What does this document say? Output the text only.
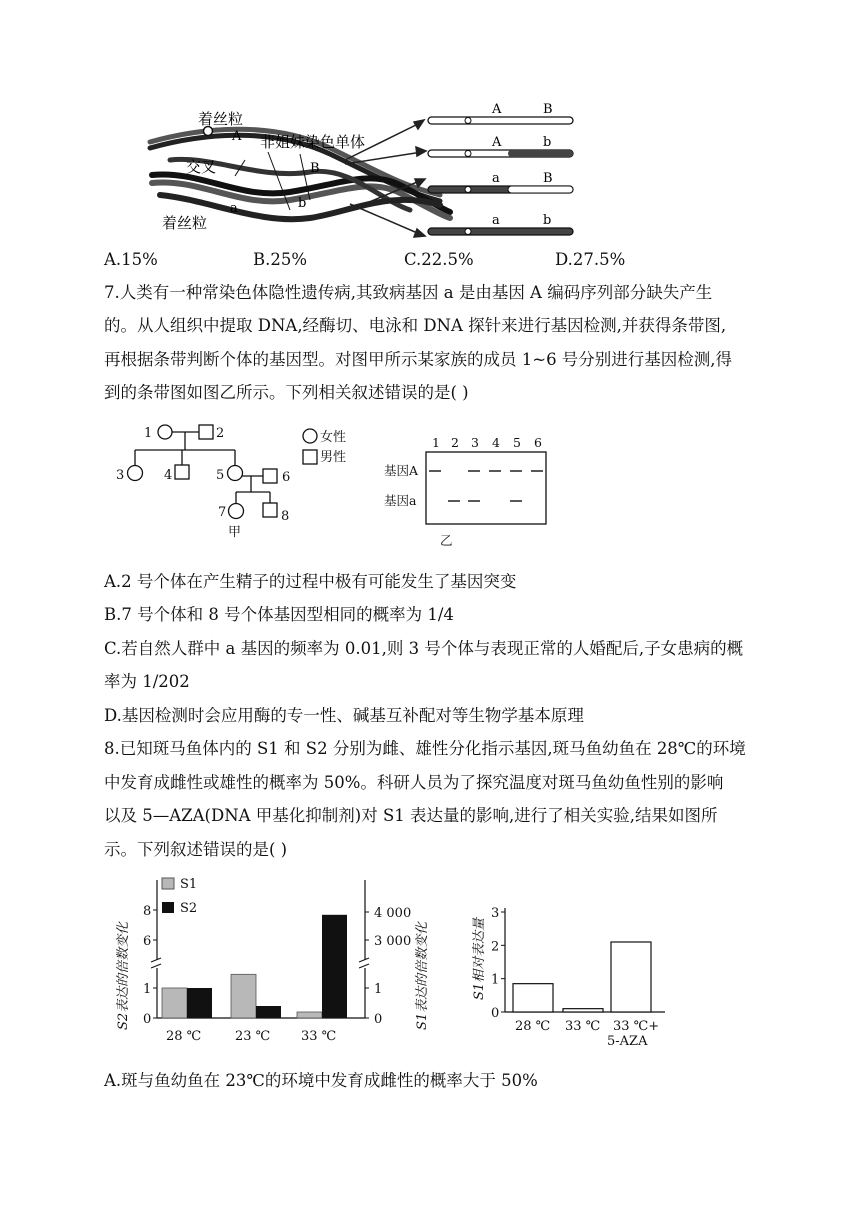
着丝粒
交叉
着丝粒
非姐妹染色单体
A
B
a	b
A	B
A	b
a	B
a	b
A.15%	B.25%	C.22.5%	D.27.5%
7.人类有一种常染色体隐性遗传病,其致病基因 a 是由基因 A 编码序列部分缺失产生
的。从人组织中提取 DNA,经酶切、电泳和 DNA 探针来进行基因检测,并获得条带图,
再根据条带判断个体的基因型。对图甲所示某家族的成员 1~6 号分别进行基因检测,得
到的条带图如图乙所示。下列相关叙述错误的是( )
1	2
3	4	5	6
7	8
女性
男性
甲
1 2 3 4 5 6
基因A
基因a
乙
A.2 号个体在产生精子的过程中极有可能发生了基因突变
B.7 号个体和 8 号个体基因型相同的概率为 1/4
C.若自然人群中 a 基因的频率为 0.01,则 3 号个体与表现正常的人婚配后,子女患病的概
率为 1/202
D.基因检测时会应用酶的专一性、碱基互补配对等生物学基本原理
8.已知斑马鱼体内的 S1 和 S2 分别为雌、雄性分化指示基因,斑马鱼幼鱼在 28℃的环境
中发育成雌性或雄性的概率为 50%。科研人员为了探究温度对斑马鱼幼鱼性别的影响
以及 5—AZA(DNA 甲基化抑制剂)对 S1 表达量的影响,进行了相关实验,结果如图所
示。下列叙述错误的是( )
0
1
6
8
0
1
3 000
4 000
28 ℃	23 ℃ 33 ℃
S1
S2
S2表达的倍数变化	S1表达的倍数变化	0
1
2
3
28 ℃ 33 ℃ 33 ℃+
5-AZA
S1相对表达量
A.斑与鱼幼鱼在 23℃的环境中发育成雌性的概率大于 50%
